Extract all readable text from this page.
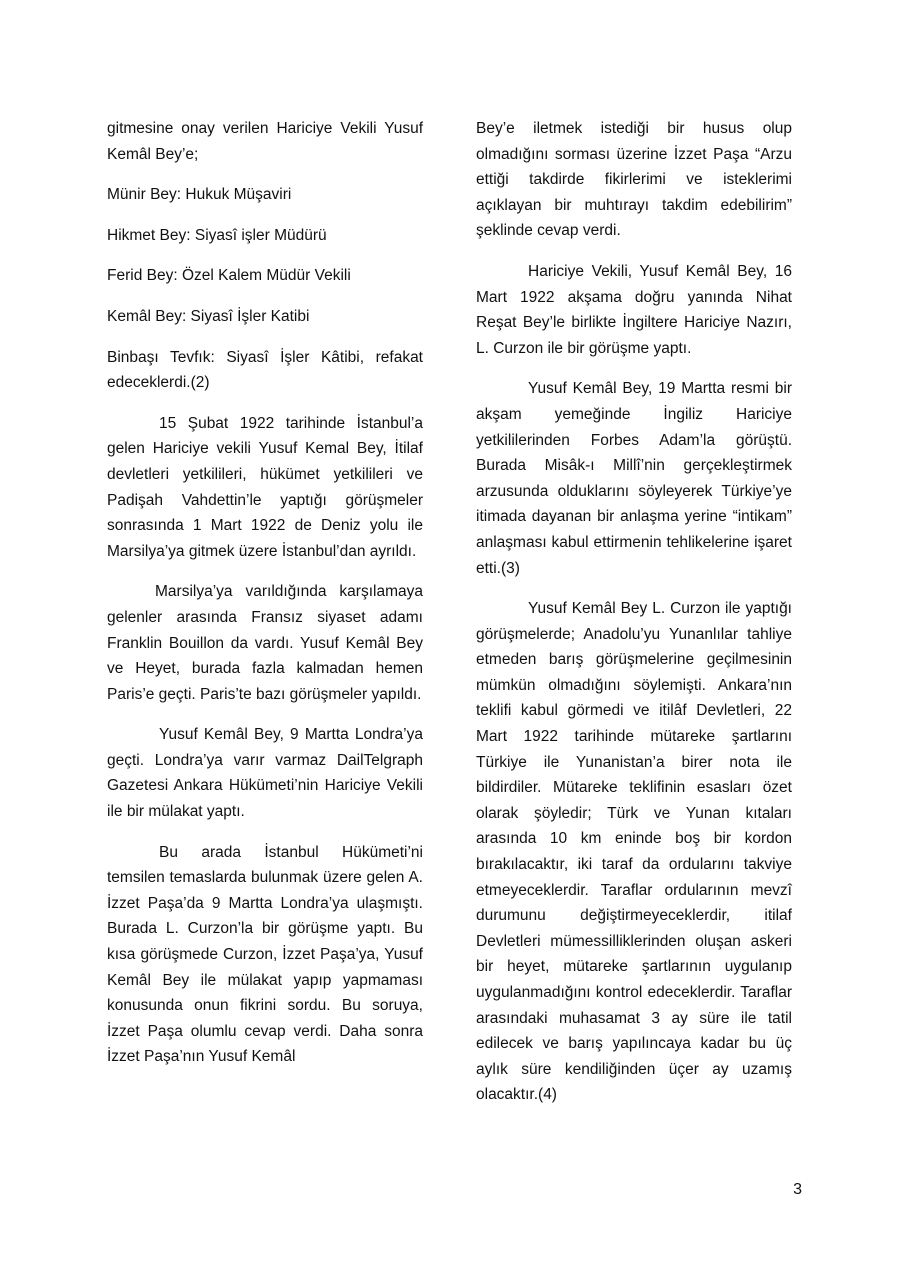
gitmesine onay verilen Hariciye Vekili Yusuf Kemâl Bey’e;

Münir Bey: Hukuk Müşaviri

Hikmet Bey: Siyasî işler Müdürü

Ferid Bey: Özel Kalem Müdür Vekili

Kemâl Bey: Siyasî İşler Katibi

Binbaşı Tevfık: Siyasî İşler Kâtibi, refakat edeceklerdi.(2)

15 Şubat 1922 tarihinde İstanbul’a gelen Hariciye vekili Yusuf Kemal Bey, İtilaf devletleri yetkilileri, hükümet yetkilileri ve Padişah Vahdettin’le yaptığı görüşmeler sonrasında 1 Mart 1922 de Deniz yolu ile Marsilya’ya gitmek üzere İstanbul’dan ayrıldı.

Marsilya’ya varıldığında karşılamaya gelenler arasında Fransız siyaset adamı Franklin Bouillon da vardı. Yusuf Kemâl Bey ve Heyet, burada fazla kalmadan hemen Paris’e geçti. Paris’te bazı görüşmeler yapıldı.

Yusuf Kemâl Bey, 9 Martta Londra’ya geçti. Londra’ya varır varmaz DailTelgraph Gazetesi Ankara Hükümeti’nin Hariciye Vekili ile bir mülakat yaptı.

Bu arada İstanbul Hükümeti’ni temsilen temaslarda bulunmak üzere gelen A. İzzet Paşa’da 9 Martta Londra’ya ulaşmıştı. Burada L. Curzon’la bir görüşme yaptı. Bu kısa görüşmede Curzon, İzzet Paşa’ya, Yusuf Kemâl Bey ile mülakat yapıp yapmaması konusunda onun fikrini sordu. Bu soruya, İzzet Paşa olumlu cevap verdi. Daha sonra İzzet Paşa’nın Yusuf Kemâl

Bey’e iletmek istediği bir husus olup olmadığını sorması üzerine İzzet Paşa “Arzu ettiği takdirde fikirlerimi ve isteklerimi açıklayan bir muhtırayı takdim edebilirim” şeklinde cevap verdi.

Hariciye Vekili, Yusuf Kemâl Bey, 16 Mart 1922 akşama doğru yanında Nihat Reşat Bey’le birlikte İngiltere Hariciye Nazırı, L. Curzon ile bir görüşme yaptı.

Yusuf Kemâl Bey, 19 Martta resmi bir akşam yemeğinde İngiliz Hariciye yetkililerinden Forbes Adam’la görüştü. Burada Misâk-ı Millî’nin gerçekleştirmek arzusunda olduklarını söyleyerek Türkiye’ye itimada dayanan bir anlaşma yerine “intikam” anlaşması kabul ettirmenin tehlikelerine işaret etti.(3)

Yusuf Kemâl Bey L. Curzon ile yaptığı görüşmelerde; Anadolu’yu Yunanlılar tahliye etmeden barış görüşmelerine geçilmesinin mümkün olmadığını söylemişti. Ankara’nın teklifi kabul görmedi ve itilâf Devletleri, 22 Mart 1922 tarihinde mütareke şartlarını Türkiye ile Yunanistan’a birer nota ile bildirdiler. Mütareke teklifinin esasları özet olarak şöyledir; Türk ve Yunan kıtaları arasında 10 km eninde boş bir kordon bırakılacaktır, iki taraf da ordularını takviye etmeyeceklerdir. Taraflar ordularının mevzî durumunu değiştirmeyeceklerdir, itilaf Devletleri mümessilliklerinden oluşan askeri bir heyet, mütareke şartlarının uygulanıp uygulanmadığını kontrol edeceklerdir. Taraflar arasındaki muhasamat 3 ay süre ile tatil edilecek ve barış yapılıncaya kadar bu üç aylık süre kendiliğinden üçer ay uzamış olacaktır.(4)

3
